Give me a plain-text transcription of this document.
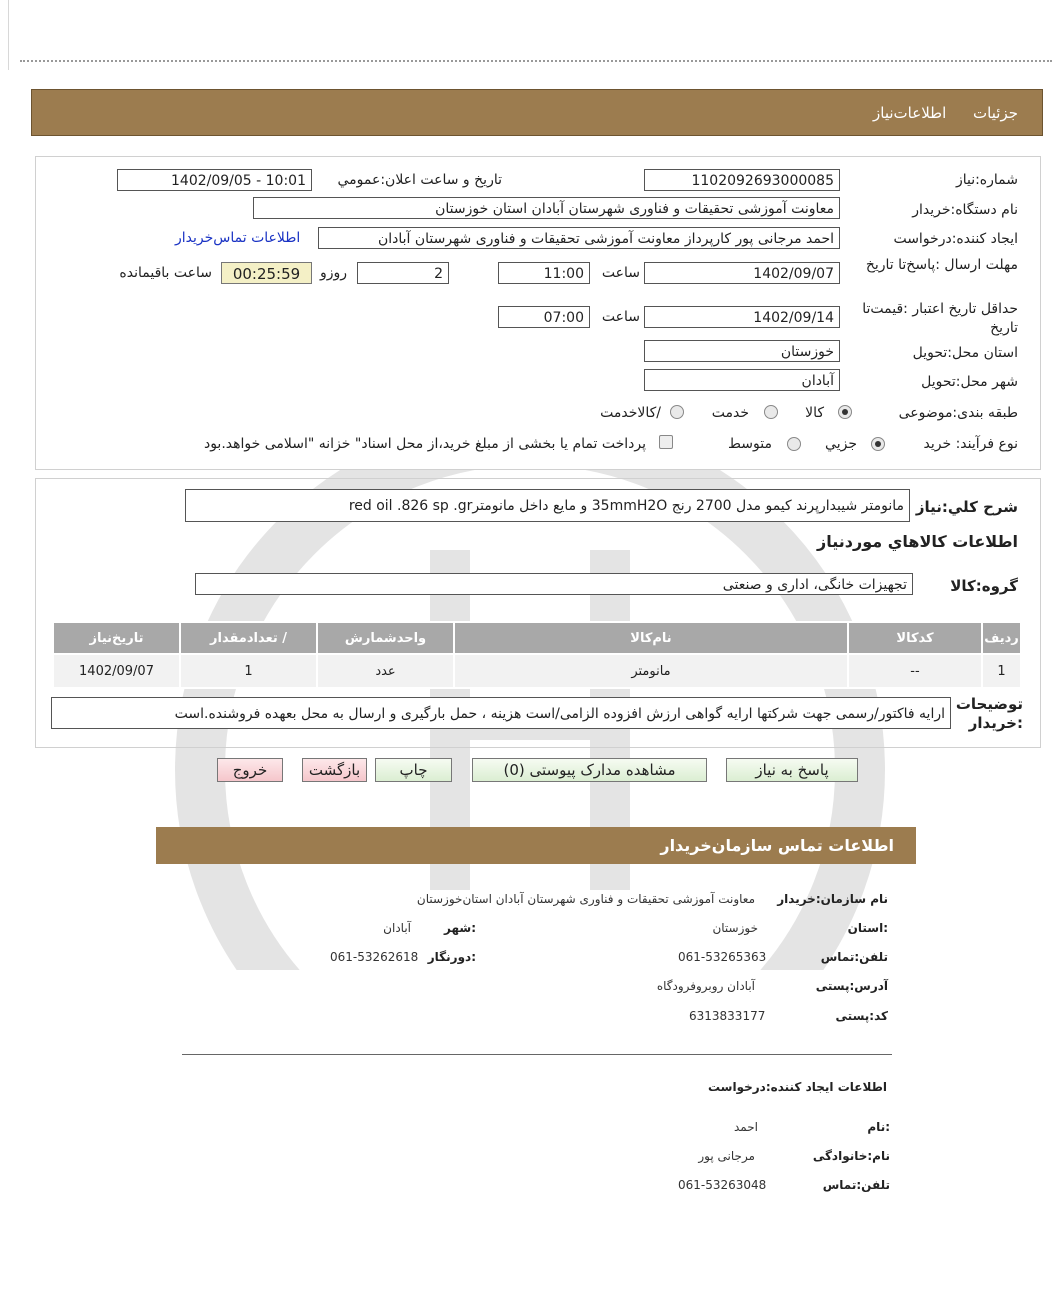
جزئيات اطلاعات‌نياز
شماره:نیاز
1102092693000085
تاریخ و ساعت اعلان:عمومي
1402/09/05 - 10:01
نام دستگاه:خریدار
معاونت آموزشی تحقیقات و فناوری شهرستان آبادان استان خوزستان
ایجاد کننده:درخواست
احمد مرجانی پور کارپرداز معاونت آموزشی تحقیقات و فناوری شهرستان آبادان
اطلاعات تماس‌خریدار
مهلت ارسال :پاسخ‌تا تاریخ
1402/09/07
ساعت
11:00
2
روزو
00:25:59
ساعت باقیمانده
حداقل تاریخ اعتبار :قیمت‌تا تاریخ
1402/09/14
ساعت
07:00
استان محل:تحویل
خوزستان
شهر محل:تحویل
آبادان
طبقه بندی:موضوعی
کالا
خدمت
/کالاخدمت
نوع فرآیند: خرید
جزیي
متوسط
پرداخت تمام یا بخشی از مبلغ خرید،از محل اسناد" خزانه "اسلامی خواهد.بود
شرح کلي:نیاز
مانومتر شیبدارپرند کیمو مدل 2700 رنج 35mmH2O و مایع داخل مانومترred oil .826 sp .gr
اطلاعات کالاهاي موردنياز
گروه:کالا
تجهیزات خانگی، اداری و صنعتی
رديف	کدکالا	نام‌کالا	واحدشمارش	/ تعدادمقدار	تاریخ‌نیاز
1	--	مانومتر	عدد	1	1402/09/07
توضیحات :خریدار
ارایه فاکتور/رسمی جهت شرکتها ارایه گواهی ارزش افزوده الزامی/است هزینه ، حمل بارگیری و ارسال به محل بعهده فروشنده.است
پاسخ به نیاز
مشاهده مدارک پیوستی (0)
چاپ
بازگشت
خروج
اطلاعات تماس سازمان‌خریدار
نام سازمان:خریدار
معاونت آموزشی تحقیقات و فناوری شهرستان آبادان استان‌خوزستان
:استان
خوزستان
:شهر
آبادان
تلفن:تماس
061-53265363
:دورنگار
061-53262618
آدرس:پستی
آبادان روبروفرودگاه
کد:پستی
6313833177
اطلاعات ایجاد کننده:درخواست
:نام
احمد
نام:خانوادگی
مرجانی پور
تلفن:تماس
061-53263048
